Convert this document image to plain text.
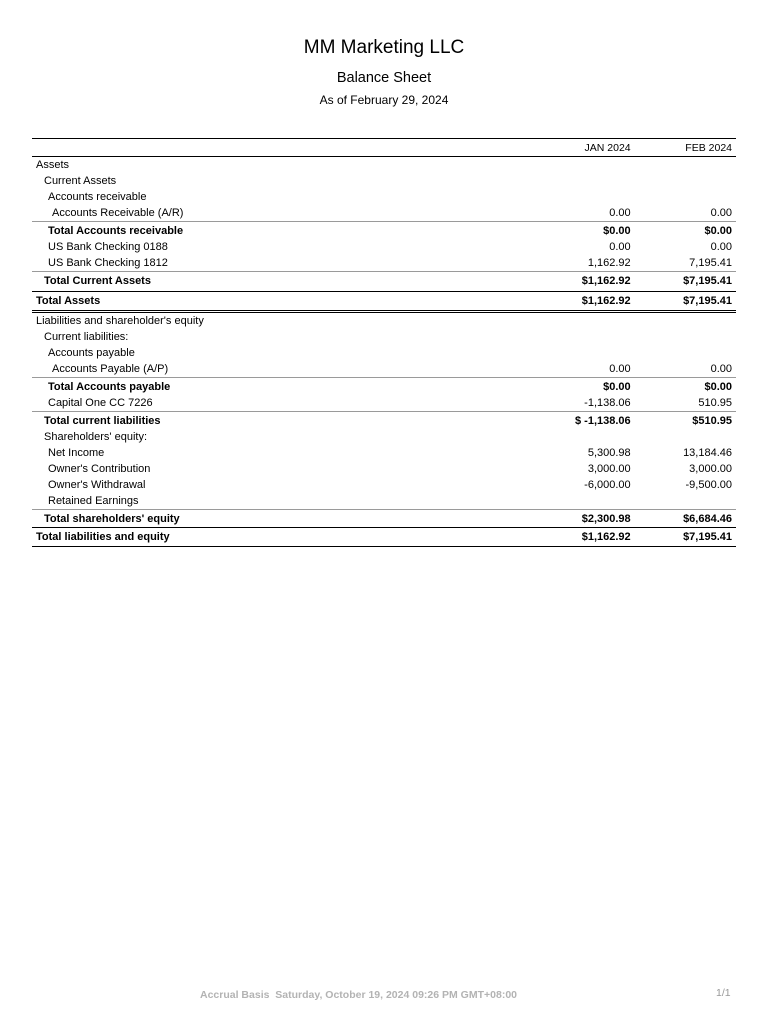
MM Marketing LLC
Balance Sheet
As of February 29, 2024
	JAN 2024	FEB 2024
Assets		
Current Assets		
Accounts receivable		
Accounts Receivable (A/R)	0.00	0.00
Total Accounts receivable	$0.00	$0.00
US Bank Checking 0188	0.00	0.00
US Bank Checking 1812	1,162.92	7,195.41
Total Current Assets	$1,162.92	$7,195.41

Total Assets	$1,162.92	$7,195.41
Liabilities and shareholder's equity		
Current liabilities:		
Accounts payable		
Accounts Payable (A/P)	0.00	0.00
Total Accounts payable	$0.00	$0.00
Capital One CC 7226	-1,138.06	510.95
Total current liabilities	$ -1,138.06	$510.95
Shareholders' equity:		
Net Income	5,300.98	13,184.46
Owner's Contribution	3,000.00	3,000.00
Owner's Withdrawal	-6,000.00	-9,500.00
Retained Earnings		
Total shareholders' equity	$2,300.98	$6,684.46
Total liabilities and equity	$1,162.92	$7,195.41
Accrual Basis  Saturday, October 19, 2024 09:26 PM GMT+08:00	1/1
